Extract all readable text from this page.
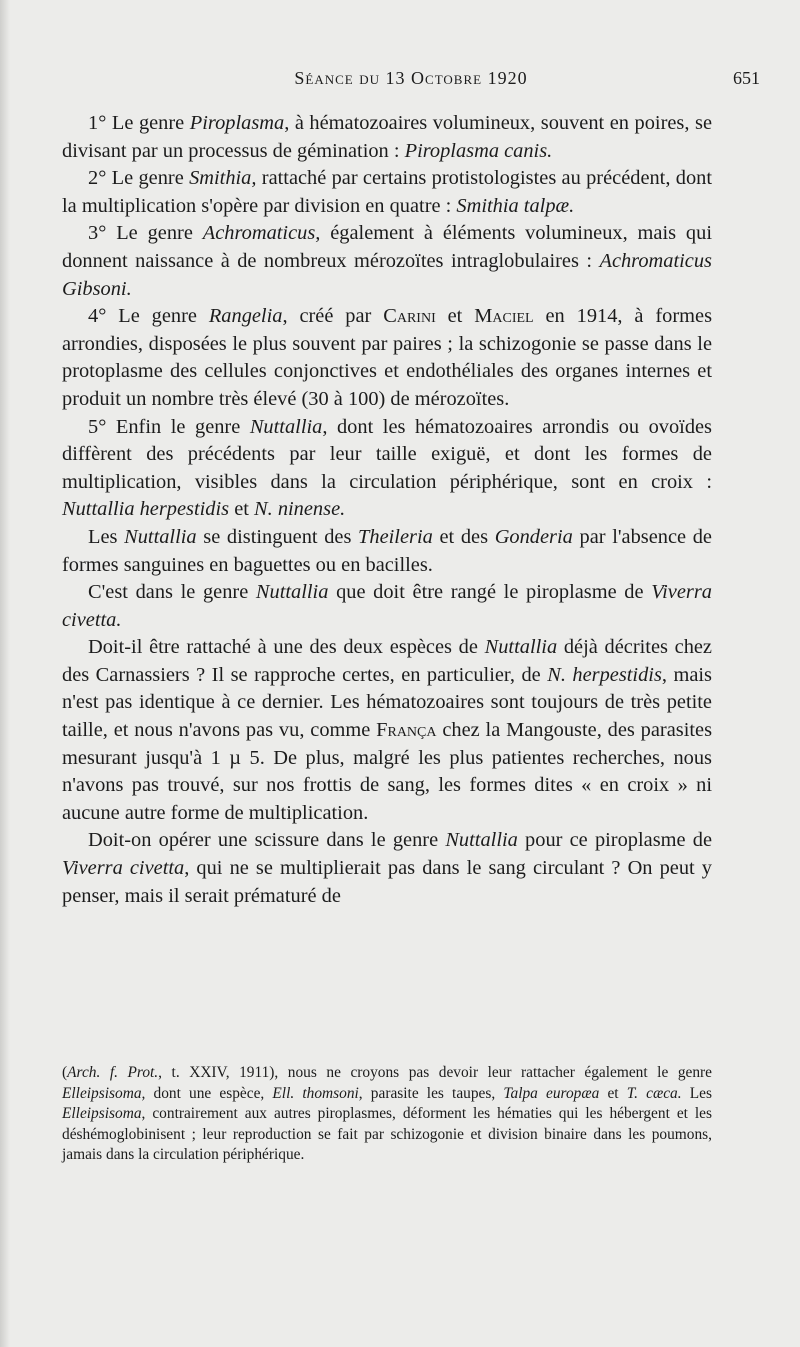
Séance du 13 Octobre 1920	651

1° Le genre Piroplasma, à hématozoaires volumineux, souvent en poires, se divisant par un processus de gémination : Piroplasma canis.

2° Le genre Smithia, rattaché par certains protistologistes au précédent, dont la multiplication s'opère par division en quatre : Smithia talpæ.

3° Le genre Achromaticus, également à éléments volumineux, mais qui donnent naissance à de nombreux mérozoïtes intraglobulaires : Achromaticus Gibsoni.

4° Le genre Rangelia, créé par Carini et Maciel en 1914, à formes arrondies, disposées le plus souvent par paires ; la schizogonie se passe dans le protoplasme des cellules conjonctives et endothéliales des organes internes et produit un nombre très élevé (30 à 100) de mérozoïtes.

5° Enfin le genre Nuttallia, dont les hématozoaires arrondis ou ovoïdes diffèrent des précédents par leur taille exiguë, et dont les formes de multiplication, visibles dans la circulation périphérique, sont en croix : Nuttallia herpestidis et N. ninense.

Les Nuttallia se distinguent des Theileria et des Gonderia par l'absence de formes sanguines en baguettes ou en bacilles.

C'est dans le genre Nuttallia que doit être rangé le piroplasme de Viverra civetta.

Doit-il être rattaché à une des deux espèces de Nuttallia déjà décrites chez des Carnassiers ? Il se rapproche certes, en particulier, de N. herpestidis, mais n'est pas identique à ce dernier. Les hématozoaires sont toujours de très petite taille, et nous n'avons pas vu, comme França chez la Mangouste, des parasites mesurant jusqu'à 1 µ 5. De plus, malgré les plus patientes recherches, nous n'avons pas trouvé, sur nos frottis de sang, les formes dites « en croix » ni aucune autre forme de multiplication.

Doit-on opérer une scissure dans le genre Nuttallia pour ce piroplasme de Viverra civetta, qui ne se multiplierait pas dans le sang circulant ? On peut y penser, mais il serait prématuré de

(Arch. f. Prot., t. XXIV, 1911), nous ne croyons pas devoir leur rattacher également le genre Elleipsisoma, dont une espèce, Ell. thomsoni, parasite les taupes, Talpa europæa et T. cæca. Les Elleipsisoma, contrairement aux autres piroplasmes, déforment les hématies qui les hébergent et les déshémoglobinisent ; leur reproduction se fait par schizogonie et division binaire dans les poumons, jamais dans la circulation périphérique.
